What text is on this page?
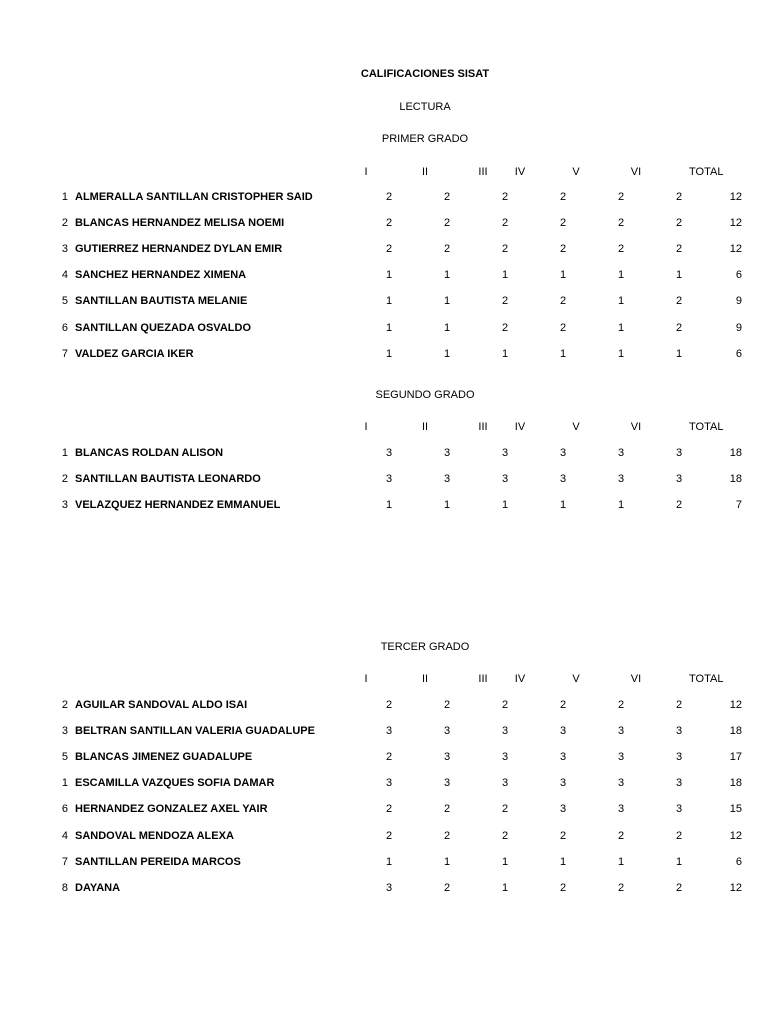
CALIFICACIONES SISAT
LECTURA
PRIMER GRADO
I	II	III	IV	V	VI	TOTAL
1 ALMERALLA SANTILLAN CRISTOPHER SAID	2	2	2	2	2	2	12
2 BLANCAS HERNANDEZ MELISA NOEMI	2	2	2	2	2	2	12
3 GUTIERREZ HERNANDEZ DYLAN EMIR	2	2	2	2	2	2	12
4 SANCHEZ HERNANDEZ XIMENA	1	1	1	1	1	1	6
5 SANTILLAN BAUTISTA MELANIE	1	1	2	2	1	2	9
6 SANTILLAN QUEZADA OSVALDO	1	1	2	2	1	2	9
7 VALDEZ GARCIA IKER	1	1	1	1	1	1	6
SEGUNDO GRADO
I	II	III	IV	V	VI	TOTAL
1 BLANCAS ROLDAN ALISON	3	3	3	3	3	3	18
2 SANTILLAN BAUTISTA LEONARDO	3	3	3	3	3	3	18
3 VELAZQUEZ HERNANDEZ EMMANUEL	1	1	1	1	1	2	7
TERCER GRADO
I	II	III	IV	V	VI	TOTAL
2 AGUILAR SANDOVAL ALDO ISAI	2	2	2	2	2	2	12
3 BELTRAN SANTILLAN VALERIA GUADALUPE	3	3	3	3	3	3	18
5 BLANCAS JIMENEZ GUADALUPE	2	3	3	3	3	3	17
1 ESCAMILLA VAZQUES SOFIA DAMAR	3	3	3	3	3	3	18
6 HERNANDEZ GONZALEZ AXEL YAIR	2	2	2	3	3	3	15
4 SANDOVAL MENDOZA ALEXA	2	2	2	2	2	2	12
7 SANTILLAN PEREIDA MARCOS	1	1	1	1	1	1	6
8 DAYANA	3	2	1	2	2	2	12
